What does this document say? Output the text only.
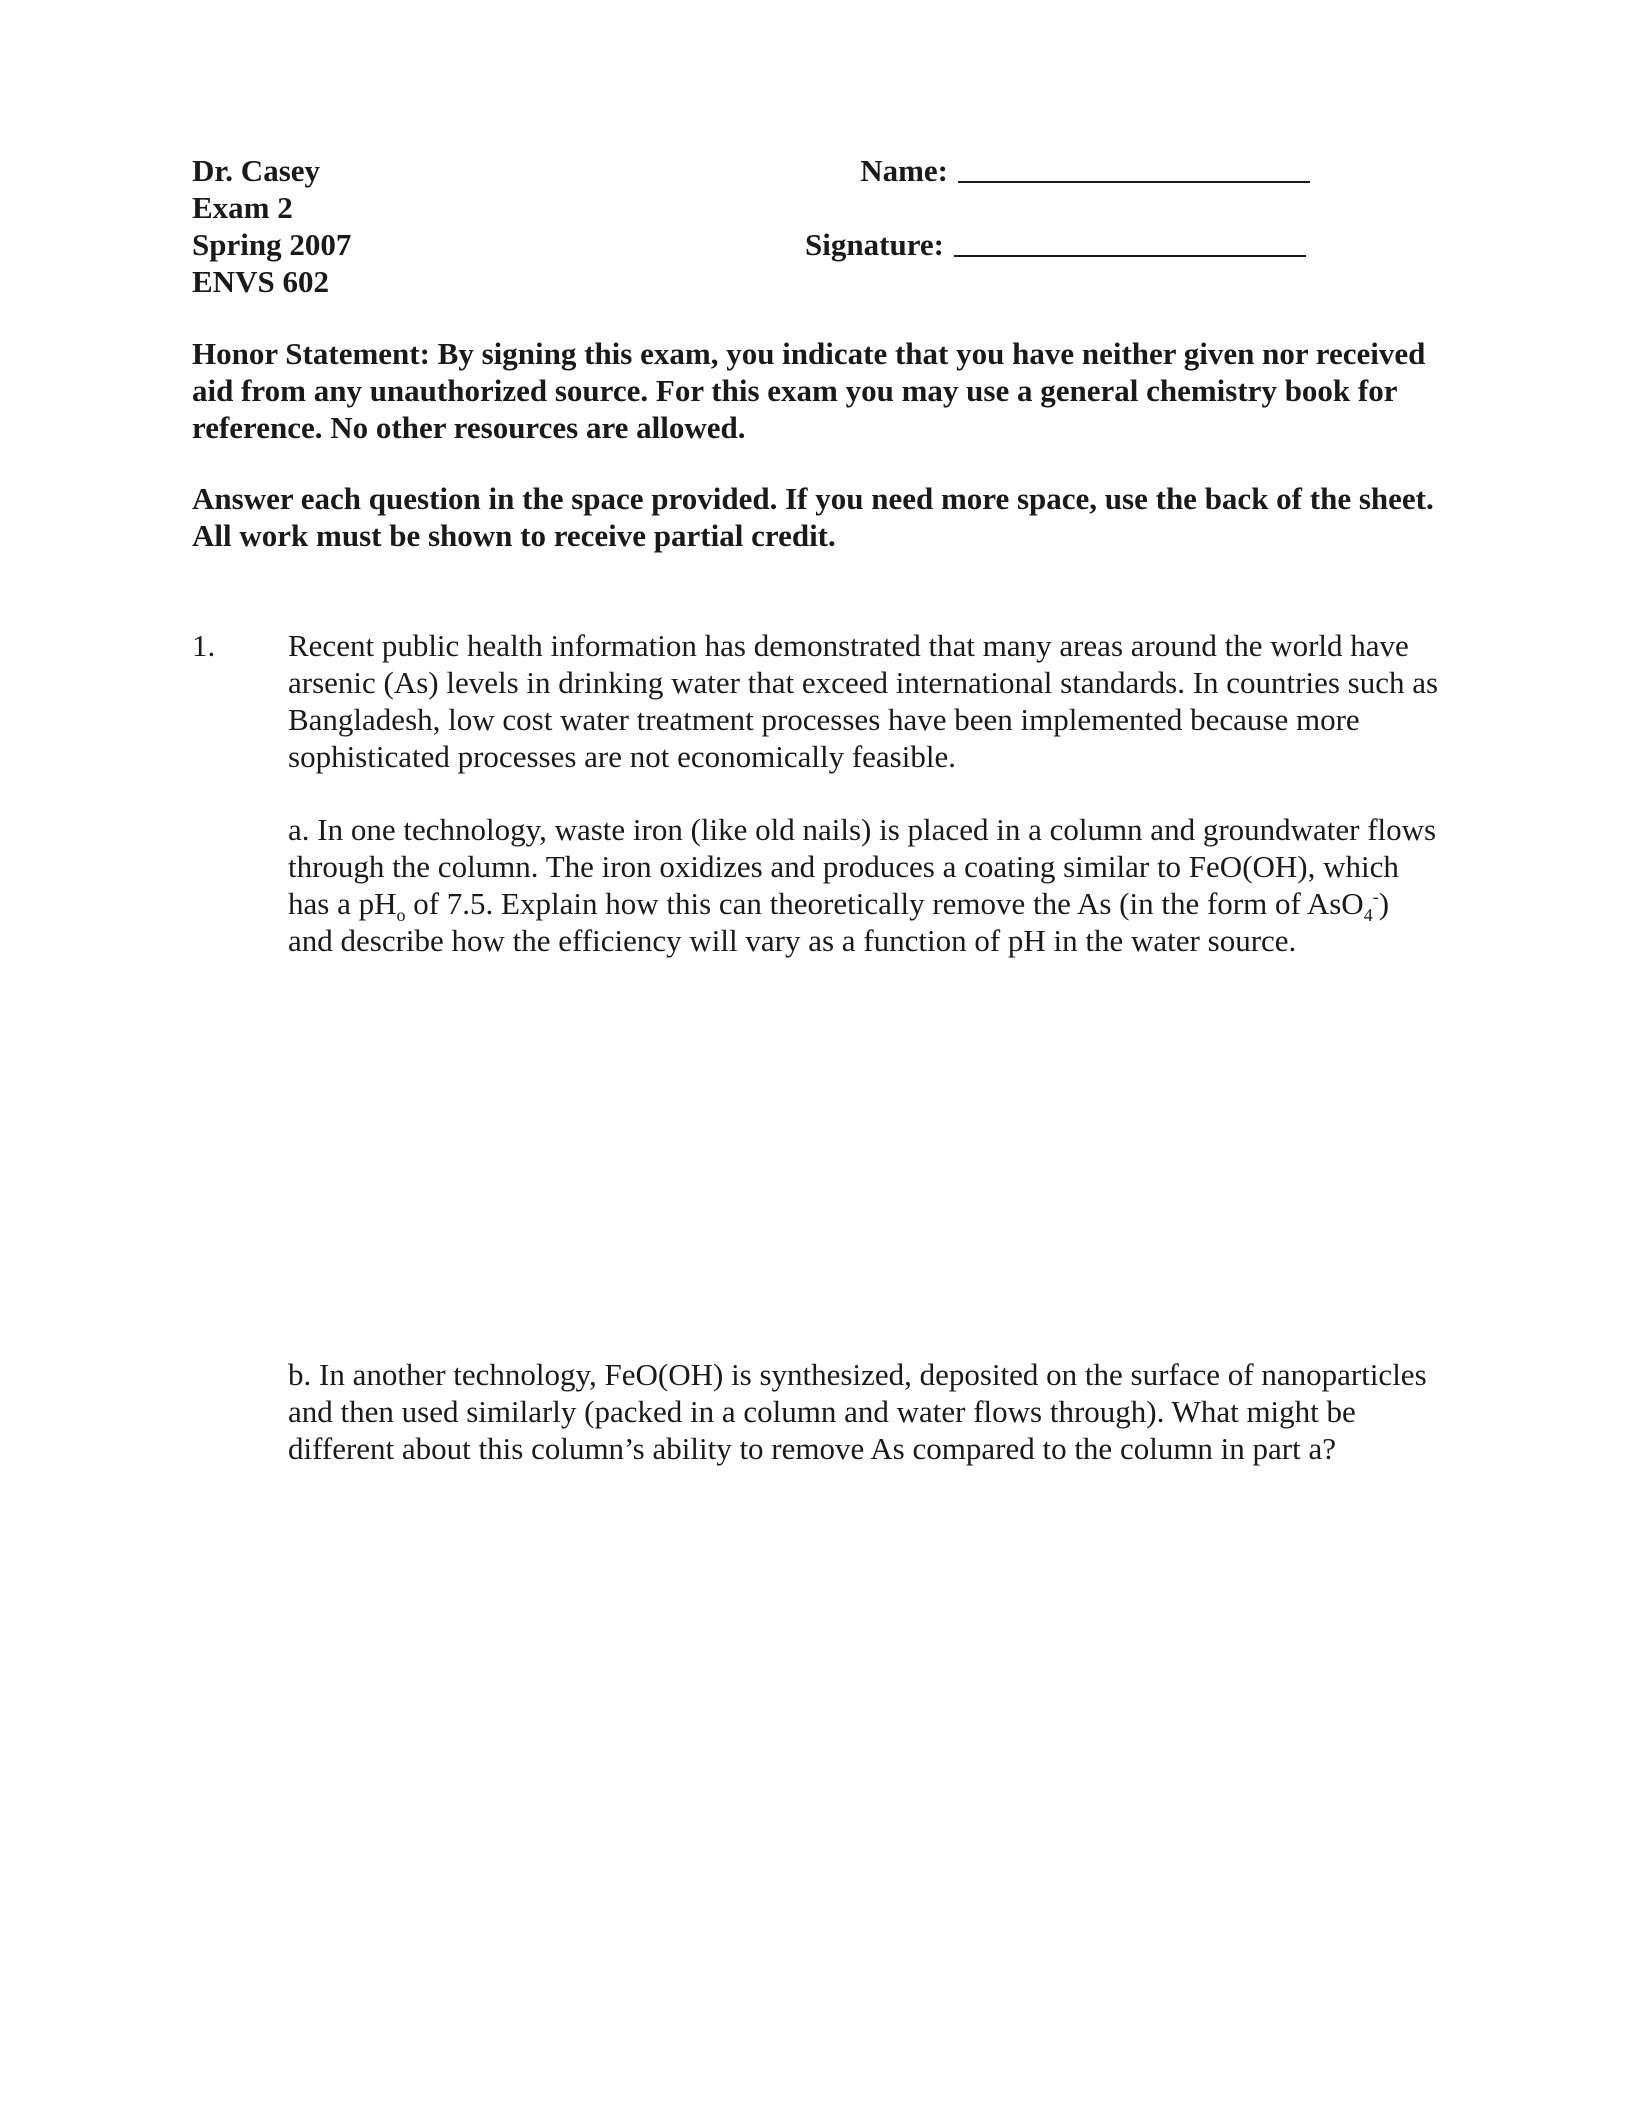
Dr. Casey
Exam 2
Spring 2007
ENVS 602
Name:
Signature:

Honor Statement: By signing this exam, you indicate that you have neither given nor received aid from any unauthorized source. For this exam you may use a general chemistry book for reference. No other resources are allowed.

Answer each question in the space provided. If you need more space, use the back of the sheet. All work must be shown to receive partial credit.

1.	Recent public health information has demonstrated that many areas around the world have arsenic (As) levels in drinking water that exceed international standards. In countries such as Bangladesh, low cost water treatment processes have been implemented because more sophisticated processes are not economically feasible.

a. In one technology, waste iron (like old nails) is placed in a column and groundwater flows through the column. The iron oxidizes and produces a coating similar to FeO(OH), which has a $pH_o$ of 7.5. Explain how this can theoretically remove the As (in the form of AsO$_4$-) and describe how the efficiency will vary as a function of pH in the water source.

b. In another technology, FeO(OH) is synthesized, deposited on the surface of nanoparticles and then used similarly (packed in a column and water flows through). What might be different about this column’s ability to remove As compared to the column in part a?
